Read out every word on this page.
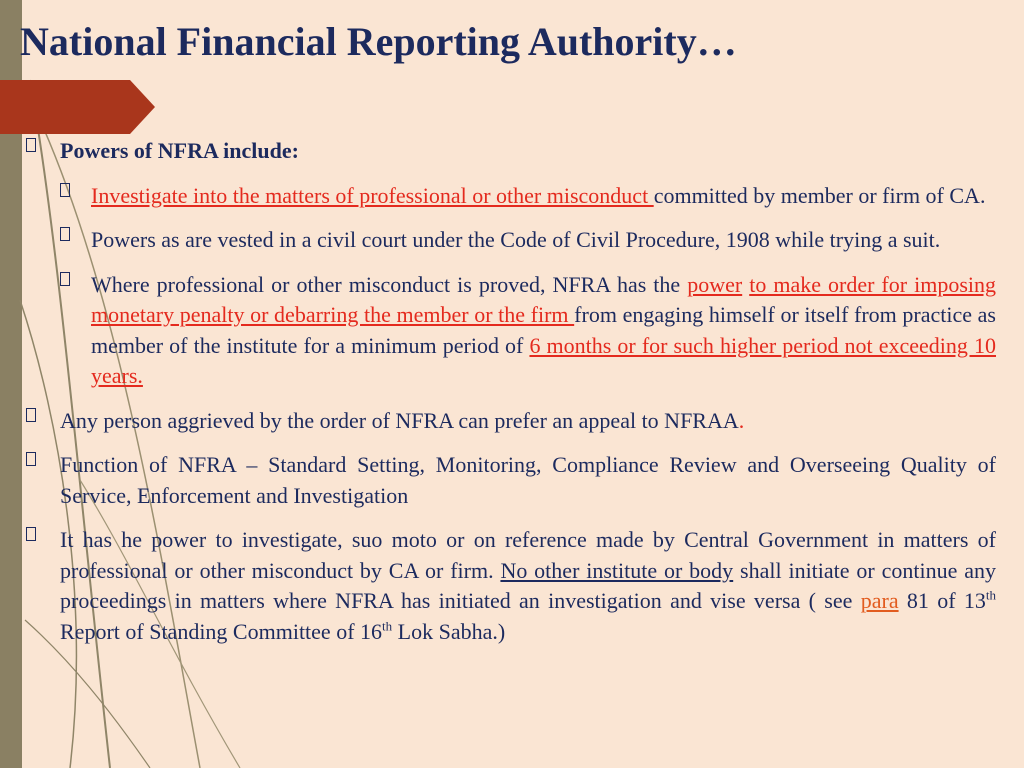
National Financial Reporting Authority…
Powers of NFRA include:
Investigate into the matters of professional or other misconduct committed by member or firm of CA.
Powers as are vested in a civil court under the Code of Civil Procedure, 1908 while trying a suit.
Where professional or other misconduct is proved, NFRA has the power to make order for imposing monetary penalty or debarring the member or the firm from engaging himself or itself from practice as member of the institute for a minimum period of 6 months or for such higher period not exceeding 10 years.
Any person aggrieved by the order of NFRA can prefer an appeal to NFRAA.
Function of NFRA – Standard Setting, Monitoring, Compliance Review and Overseeing Quality of Service, Enforcement and Investigation
It has he power to investigate, suo moto or on reference made by Central Government in matters of professional or other misconduct by CA or firm. No other institute or body shall initiate or continue any proceedings in matters where NFRA has initiated an investigation and vise versa ( see para 81 of 13th Report of Standing Committee of 16th Lok Sabha.)
